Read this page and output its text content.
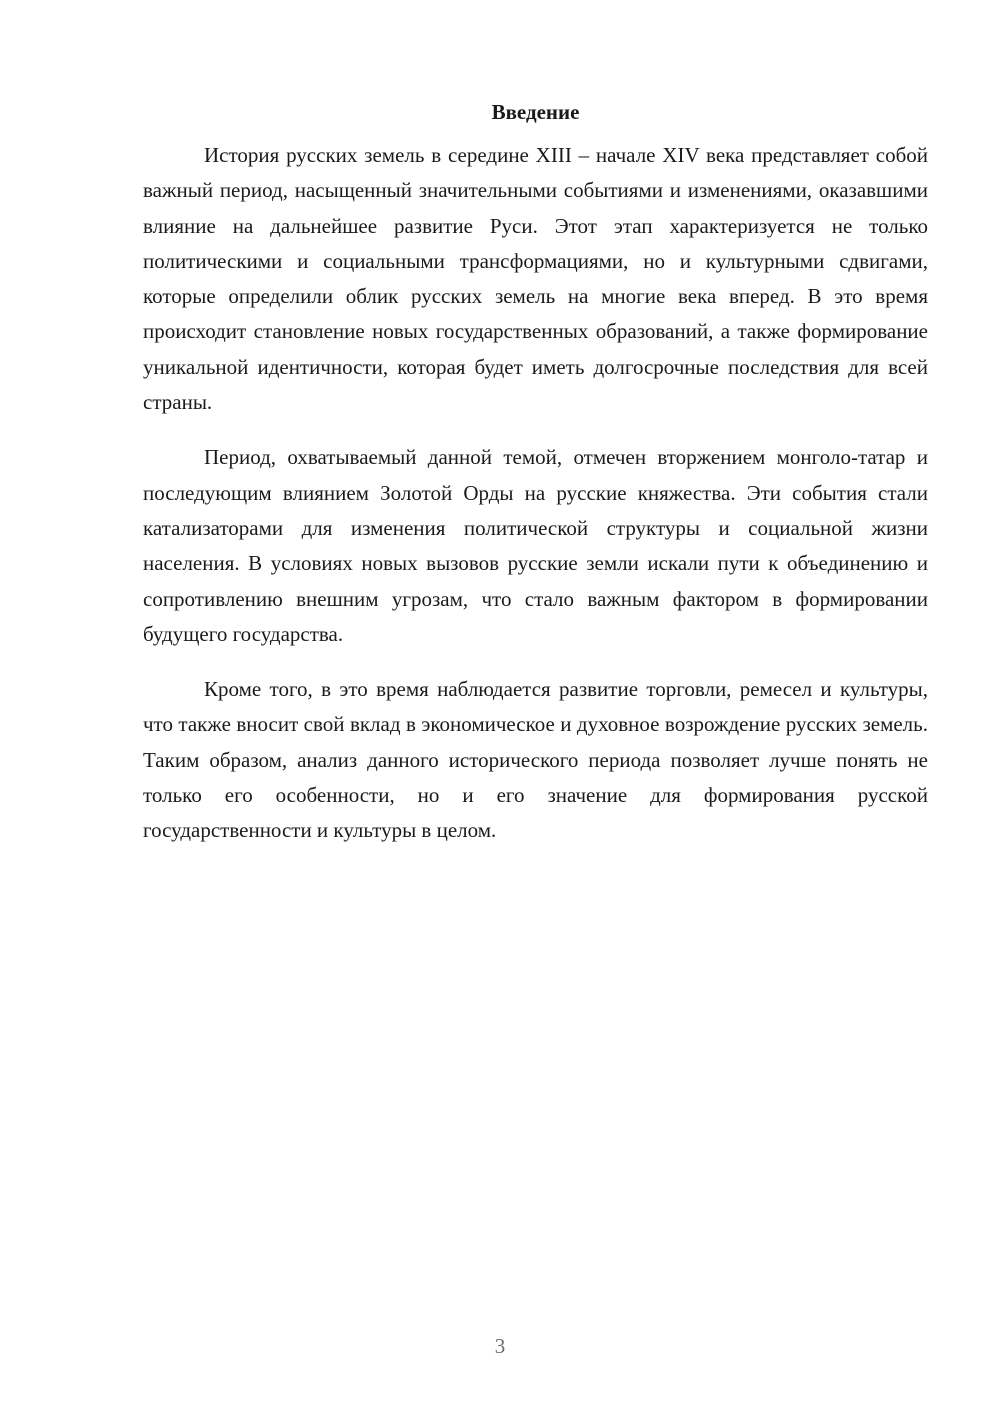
Введение

История русских земель в середине XIII – начале XIV века представляет собой важный период, насыщенный значительными событиями и изменениями, оказавшими влияние на дальнейшее развитие Руси. Этот этап характеризуется не только политическими и социальными трансформациями, но и культурными сдвигами, которые определили облик русских земель на многие века вперед. В это время происходит становление новых государственных образований, а также формирование уникальной идентичности, которая будет иметь долгосрочные последствия для всей страны.

Период, охватываемый данной темой, отмечен вторжением монголо-татар и последующим влиянием Золотой Орды на русские княжества. Эти события стали катализаторами для изменения политической структуры и социальной жизни населения. В условиях новых вызовов русские земли искали пути к объединению и сопротивлению внешним угрозам, что стало важным фактором в формировании будущего государства.

Кроме того, в это время наблюдается развитие торговли, ремесел и культуры, что также вносит свой вклад в экономическое и духовное возрождение русских земель. Таким образом, анализ данного исторического периода позволяет лучше понять не только его особенности, но и его значение для формирования русской государственности и культуры в целом.

3
